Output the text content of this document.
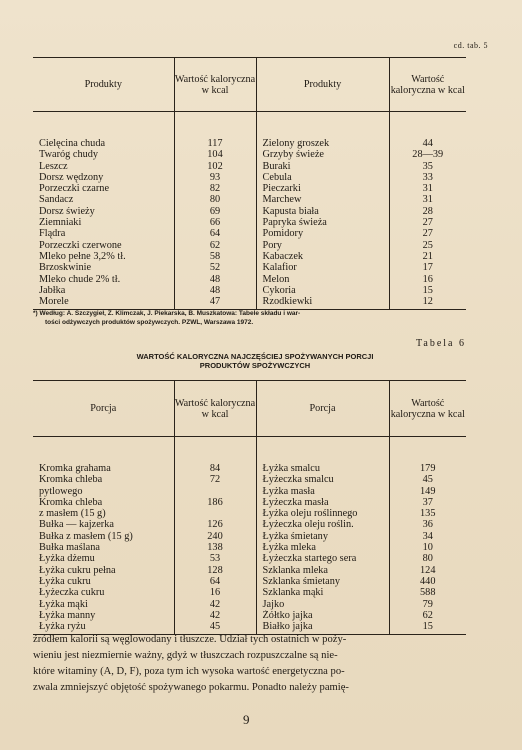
cd. tab. 5
Produkty	Wartość kaloryczna w kcal	Produkty	Wartość kaloryczna w kcal
Cielęcina chuda	117	Zielony groszek	44
Twaróg chudy	104	Grzyby świeże	28—39
Leszcz	102	Buraki	35
Dorsz wędzony	93	Cebula	33
Porzeczki czarne	82	Pieczarki	31
Sandacz	80	Marchew	31
Dorsz świeży	69	Kapusta biała	28
Ziemniaki	66	Papryka świeża	27
Flądra	64	Pomidory	27
Porzeczki czerwone	62	Pory	25
Mleko pełne 3,2% tł.	58	Kabaczek	21
Brzoskwinie	52	Kalafior	17
Mleko chude 2% tł.	48	Melon	16
Jabłka	48	Cykoria	15
Morele	47	Rzodkiewki	12
*) Według: A. Szczygieł, Z. Klimczak, J. Piekarska, B. Muszkatowa: Tabele składu i war-
tości odżywczych produktów spożywczych. PZWL, Warszawa 1972.
Tabela 6
WARTOŚĆ KALORYCZNA NAJCZĘŚCIEJ SPOŻYWANYCH PORCJI
PRODUKTÓW SPOŻYWCZYCH
Porcja	Wartość kaloryczna w kcal	Porcja	Wartość kaloryczna w kcal
Kromka grahama	84	Łyżka smalcu	179
Kromka chleba	72	Łyżeczka smalcu	45
pytlowego		Łyżka masła	149
Kromka chleba	186	Łyżeczka masła	37
z masłem (15 g)		Łyżka oleju roślinnego	135
Bułka — kajzerka	126	Łyżeczka oleju roślin.	36
Bułka z masłem (15 g)	240	Łyżka śmietany	34
Bułka maślana	138	Łyżka mleka	10
Łyżka dżemu	53	Łyżeczka startego sera	80
Łyżka cukru pełna	128	Szklanka mleka	124
Łyżka cukru	64	Szklanka śmietany	440
Łyżeczka cukru	16	Szklanka mąki	588
Łyżka mąki	42	Jajko	79
Łyżka manny	42	Żółtko jajka	62
Łyżka ryżu	45	Białko jajka	15

źródłem kalorii są węglowodany i tłuszcze. Udział tych ostatnich w poży-

wieniu jest niezmiernie ważny, gdyż w tłuszczach rozpuszczalne są nie-

które witaminy (A, D, F), poza tym ich wysoka wartość energetyczna po-

zwala zmniejszyć objętość spożywanego pokarmu. Ponadto należy pamię-

9
